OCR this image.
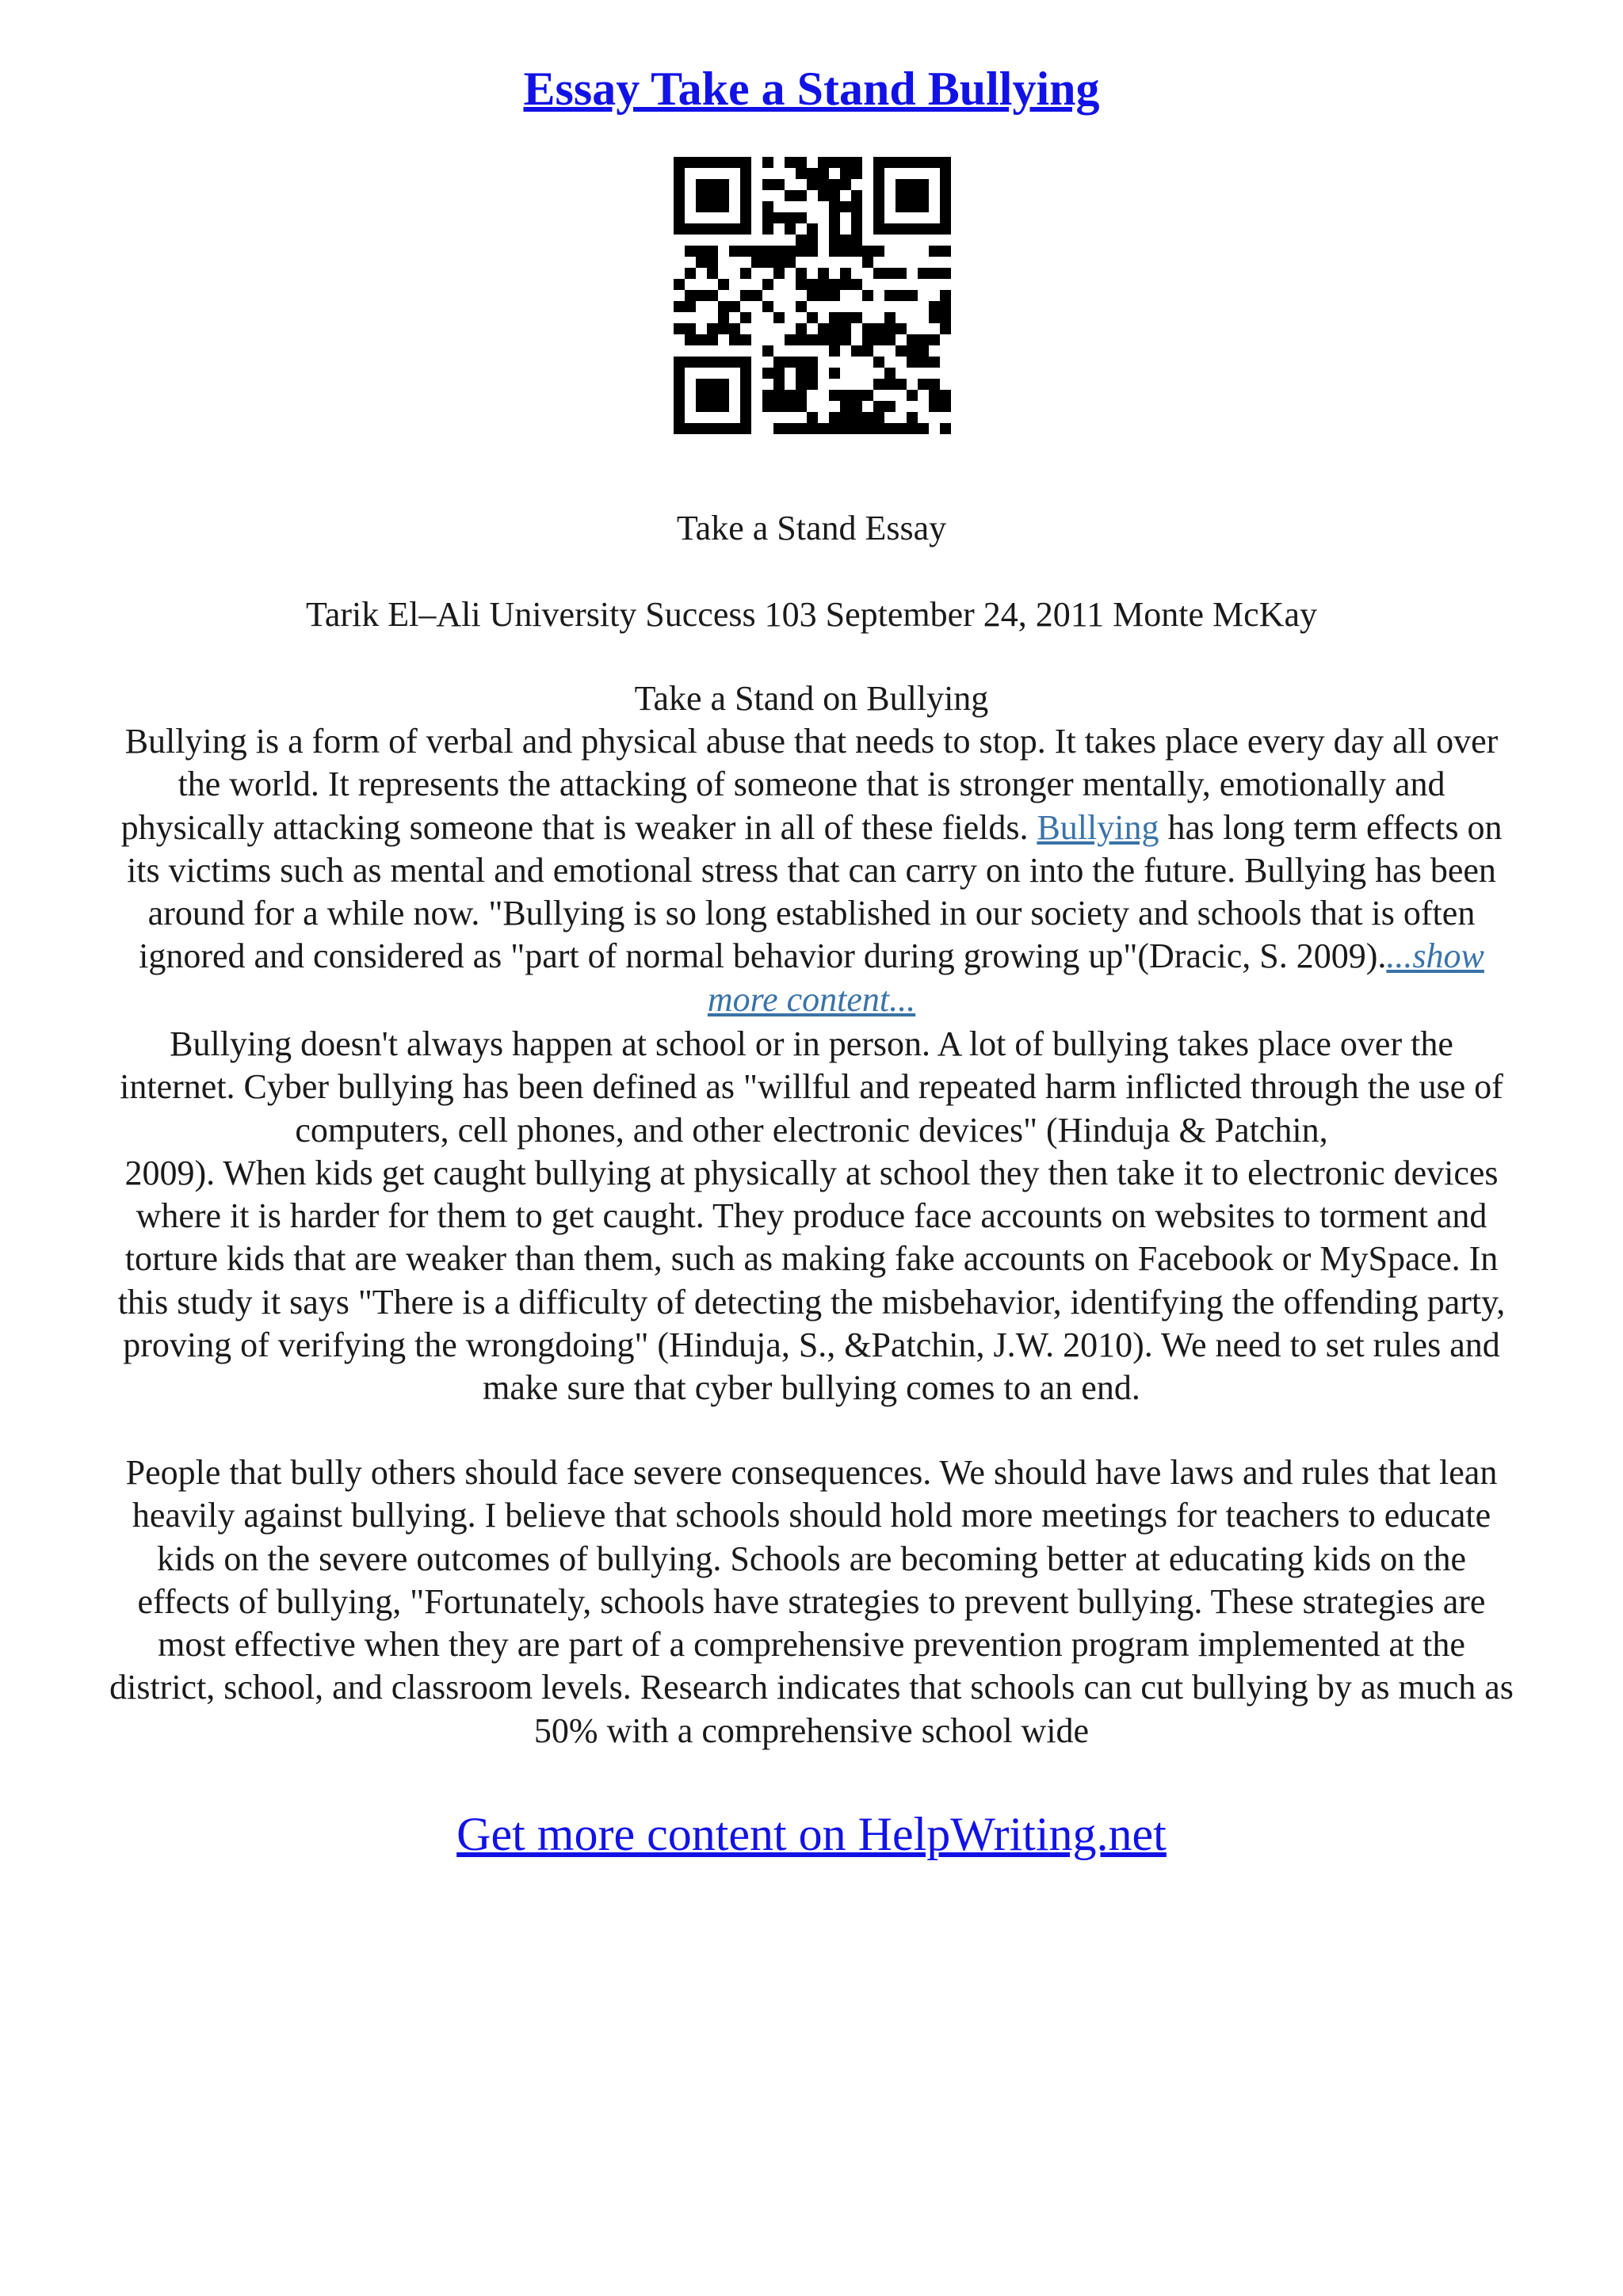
Essay Take a Stand Bullying
Take a Stand Essay
Tarik El–Ali University Success 103 September 24, 2011 Monte McKay
Take a Stand on Bullying
Bullying is a form of verbal and physical abuse that needs to stop. It takes place every day all over
the world. It represents the attacking of someone that is stronger mentally, emotionally and
physically attacking someone that is weaker in all of these fields. Bullying has long term effects on
its victims such as mental and emotional stress that can carry on into the future. Bullying has been
around for a while now. "Bullying is so long established in our society and schools that is often
ignored and considered as "part of normal behavior during growing up"(Dracic, S. 2009)....show
more content...
Bullying doesn't always happen at school or in person. A lot of bullying takes place over the
internet. Cyber bullying has been defined as "willful and repeated harm inflicted through the use of
computers, cell phones, and other electronic devices" (Hinduja & Patchin,
2009). When kids get caught bullying at physically at school they then take it to electronic devices
where it is harder for them to get caught. They produce face accounts on websites to torment and
torture kids that are weaker than them, such as making fake accounts on Facebook or MySpace. In
this study it says "There is a difficulty of detecting the misbehavior, identifying the offending party,
proving of verifying the wrongdoing" (Hinduja, S., &Patchin, J.W. 2010). We need to set rules and
make sure that cyber bullying comes to an end.
People that bully others should face severe consequences. We should have laws and rules that lean
heavily against bullying. I believe that schools should hold more meetings for teachers to educate
kids on the severe outcomes of bullying. Schools are becoming better at educating kids on the
effects of bullying, "Fortunately, schools have strategies to prevent bullying. These strategies are
most effective when they are part of a comprehensive prevention program implemented at the
district, school, and classroom levels. Research indicates that schools can cut bullying by as much as
50% with a comprehensive school wide
Get more content on HelpWriting.net
